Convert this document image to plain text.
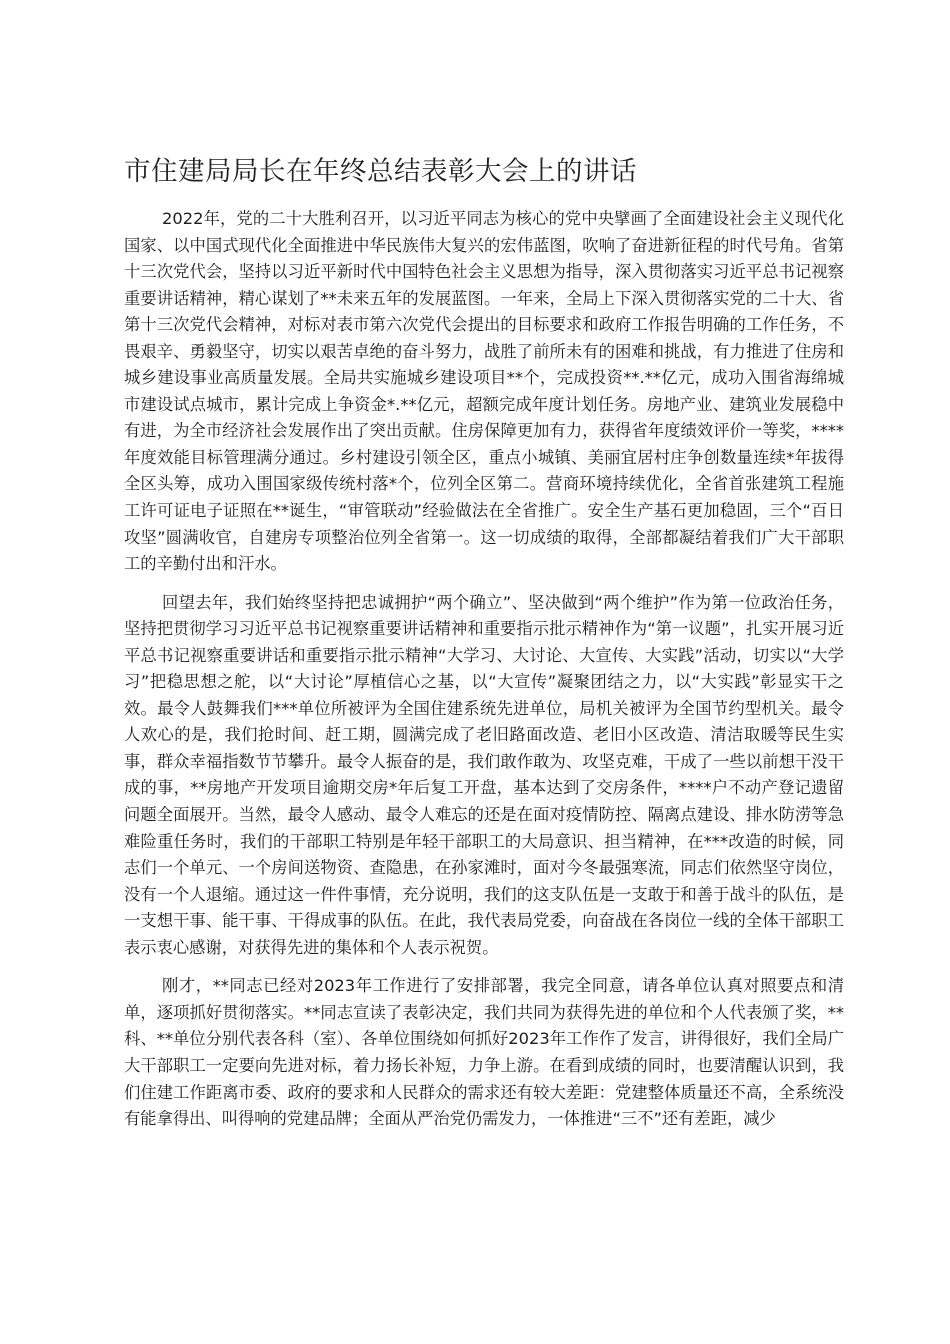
市住建局局长在年终总结表彰大会上的讲话

2022年，党的二十大胜利召开，以习近平同志为核心的党中央擘画了全面建设社会主义现代化国家、以中国式现代化全面推进中华民族伟大复兴的宏伟蓝图，吹响了奋进新征程的时代号角。省第十三次党代会，坚持以习近平新时代中国特色社会主义思想为指导，深入贯彻落实习近平总书记视察重要讲话精神，精心谋划了**未来五年的发展蓝图。一年来，全局上下深入贯彻落实党的二十大、省第十三次党代会精神，对标对表市第六次党代会提出的目标要求和政府工作报告明确的工作任务，不畏艰辛、勇毅坚守，切实以艰苦卓绝的奋斗努力，战胜了前所未有的困难和挑战，有力推进了住房和城乡建设事业高质量发展。全局共实施城乡建设项目**个，完成投资**.**亿元，成功入围省海绵城市建设试点城市，累计完成上争资金*.**亿元，超额完成年度计划任务。房地产业、建筑业发展稳中有进，为全市经济社会发展作出了突出贡献。住房保障更加有力，获得省年度绩效评价一等奖，****年度效能目标管理满分通过。乡村建设引领全区，重点小城镇、美丽宜居村庄争创数量连续*年拔得全区头筹，成功入围国家级传统村落*个，位列全区第二。营商环境持续优化，全省首张建筑工程施工许可证电子证照在**诞生，“审管联动”经验做法在全省推广。安全生产基石更加稳固，三个“百日攻坚”圆满收官，自建房专项整治位列全省第一。这一切成绩的取得，全部都凝结着我们广大干部职工的辛勤付出和汗水。

回望去年，我们始终坚持把忠诚拥护“两个确立”、坚决做到“两个维护”作为第一位政治任务，坚持把贯彻学习习近平总书记视察重要讲话精神和重要指示批示精神作为“第一议题”，扎实开展习近平总书记视察重要讲话和重要指示批示精神“大学习、大讨论、大宣传、大实践”活动，切实以“大学习”把稳思想之舵，以“大讨论”厚植信心之基，以“大宣传”凝聚团结之力，以“大实践”彰显实干之效。最令人鼓舞我们***单位所被评为全国住建系统先进单位，局机关被评为全国节约型机关。最令人欢心的是，我们抢时间、赶工期，圆满完成了老旧路面改造、老旧小区改造、清洁取暖等民生实事，群众幸福指数节节攀升。最令人振奋的是，我们敢作敢为、攻坚克难，干成了一些以前想干没干成的事，**房地产开发项目逾期交房*年后复工开盘，基本达到了交房条件，****户不动产登记遗留问题全面展开。当然，最令人感动、最令人难忘的还是在面对疫情防控、隔离点建设、排水防涝等急难险重任务时，我们的干部职工特别是年轻干部职工的大局意识、担当精神，在***改造的时候，同志们一个单元、一个房间送物资、查隐患，在孙家滩时，面对今冬最强寒流，同志们依然坚守岗位，没有一个人退缩。通过这一件件事情，充分说明，我们的这支队伍是一支敢于和善于战斗的队伍，是一支想干事、能干事、干得成事的队伍。在此，我代表局党委，向奋战在各岗位一线的全体干部职工表示衷心感谢，对获得先进的集体和个人表示祝贺。

刚才，**同志已经对2023年工作进行了安排部署，我完全同意，请各单位认真对照要点和清单，逐项抓好贯彻落实。**同志宣读了表彰决定，我们共同为获得先进的单位和个人代表颁了奖，**科、**单位分别代表各科（室）、各单位围绕如何抓好2023年工作作了发言，讲得很好，我们全局广大干部职工一定要向先进对标，着力扬长补短，力争上游。在看到成绩的同时，也要清醒认识到，我们住建工作距离市委、政府的要求和人民群众的需求还有较大差距：党建整体质量还不高，全系统没有能拿得出、叫得响的党建品牌；全面从严治党仍需发力，一体推进“三不”还有差距，减少
